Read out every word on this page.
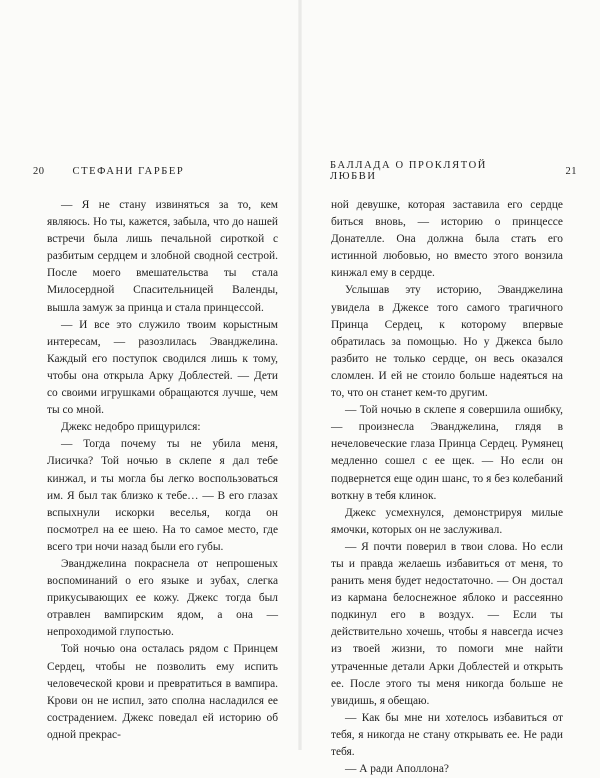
20	СТЕФАНИ ГАРБЕР	БАЛЛАДА О ПРОКЛЯТОЙ ЛЮБВИ	21

— Я не стану извиняться за то, кем являюсь. Но ты, кажется, забыла, что до нашей встречи была лишь печальной сироткой с разбитым сердцем и злобной сводной сестрой. После моего вмешательства ты стала Милосердной Спасительницей Валенды, вышла замуж за принца и стала принцессой.

— И все это служило твоим корыстным интересам, — разозлилась Эванджелина. Каждый его поступок сводился лишь к тому, чтобы она открыла Арку Доблестей. — Дети со своими игрушками обращаются лучше, чем ты со мной.

Джекс недобро прищурился:

— Тогда почему ты не убила меня, Лисичка? Той ночью в склепе я дал тебе кинжал, и ты могла бы легко воспользоваться им. Я был так близко к тебе… — В его глазах вспыхнули искорки веселья, когда он посмотрел на ее шею. На то самое место, где всего три ночи назад были его губы.

Эванджелина покраснела от непрошеных воспоминаний о его языке и зубах, слегка прикусывающих ее кожу. Джекс тогда был отравлен вампирским ядом, а она — непроходимой глупостью.

Той ночью она осталась рядом с Принцем Сердец, чтобы не позволить ему испить человеческой крови и превратиться в вампира. Крови он не испил, зато сполна насладился ее сострадением. Джекс поведал ей историю об одной прекрас-

ной девушке, которая заставила его сердце биться вновь, — историю о принцессе Донателле. Она должна была стать его истинной любовью, но вместо этого вонзила кинжал ему в сердце.

Услышав эту историю, Эванджелина увидела в Джексе того самого трагичного Принца Сердец, к которому впервые обратилась за помощью. Но у Джекса было разбито не только сердце, он весь оказался сломлен. И ей не стоило больше надеяться на то, что он станет кем-то другим.

— Той ночью в склепе я совершила ошибку, — произнесла Эванджелина, глядя в нечеловеческие глаза Принца Сердец. Румянец медленно сошел с ее щек. — Но если он подвернется еще один шанс, то я без колебаний воткну в тебя клинок.

Джекс усмехнулся, демонстрируя милые ямочки, которых он не заслуживал.

— Я почти поверил в твои слова. Но если ты и правда желаешь избавиться от меня, то ранить меня будет недостаточно. — Он достал из кармана белоснежное яблоко и рассеянно подкинул его в воздух. — Если ты действительно хочешь, чтобы я навсегда исчез из твоей жизни, то помоги мне найти утраченные детали Арки Доблестей и открыть ее. После этого ты меня никогда больше не увидишь, я обещаю.

— Как бы мне ни хотелось избавиться от тебя, я никогда не стану открывать ее. Не ради тебя.

— А ради Аполлона?
